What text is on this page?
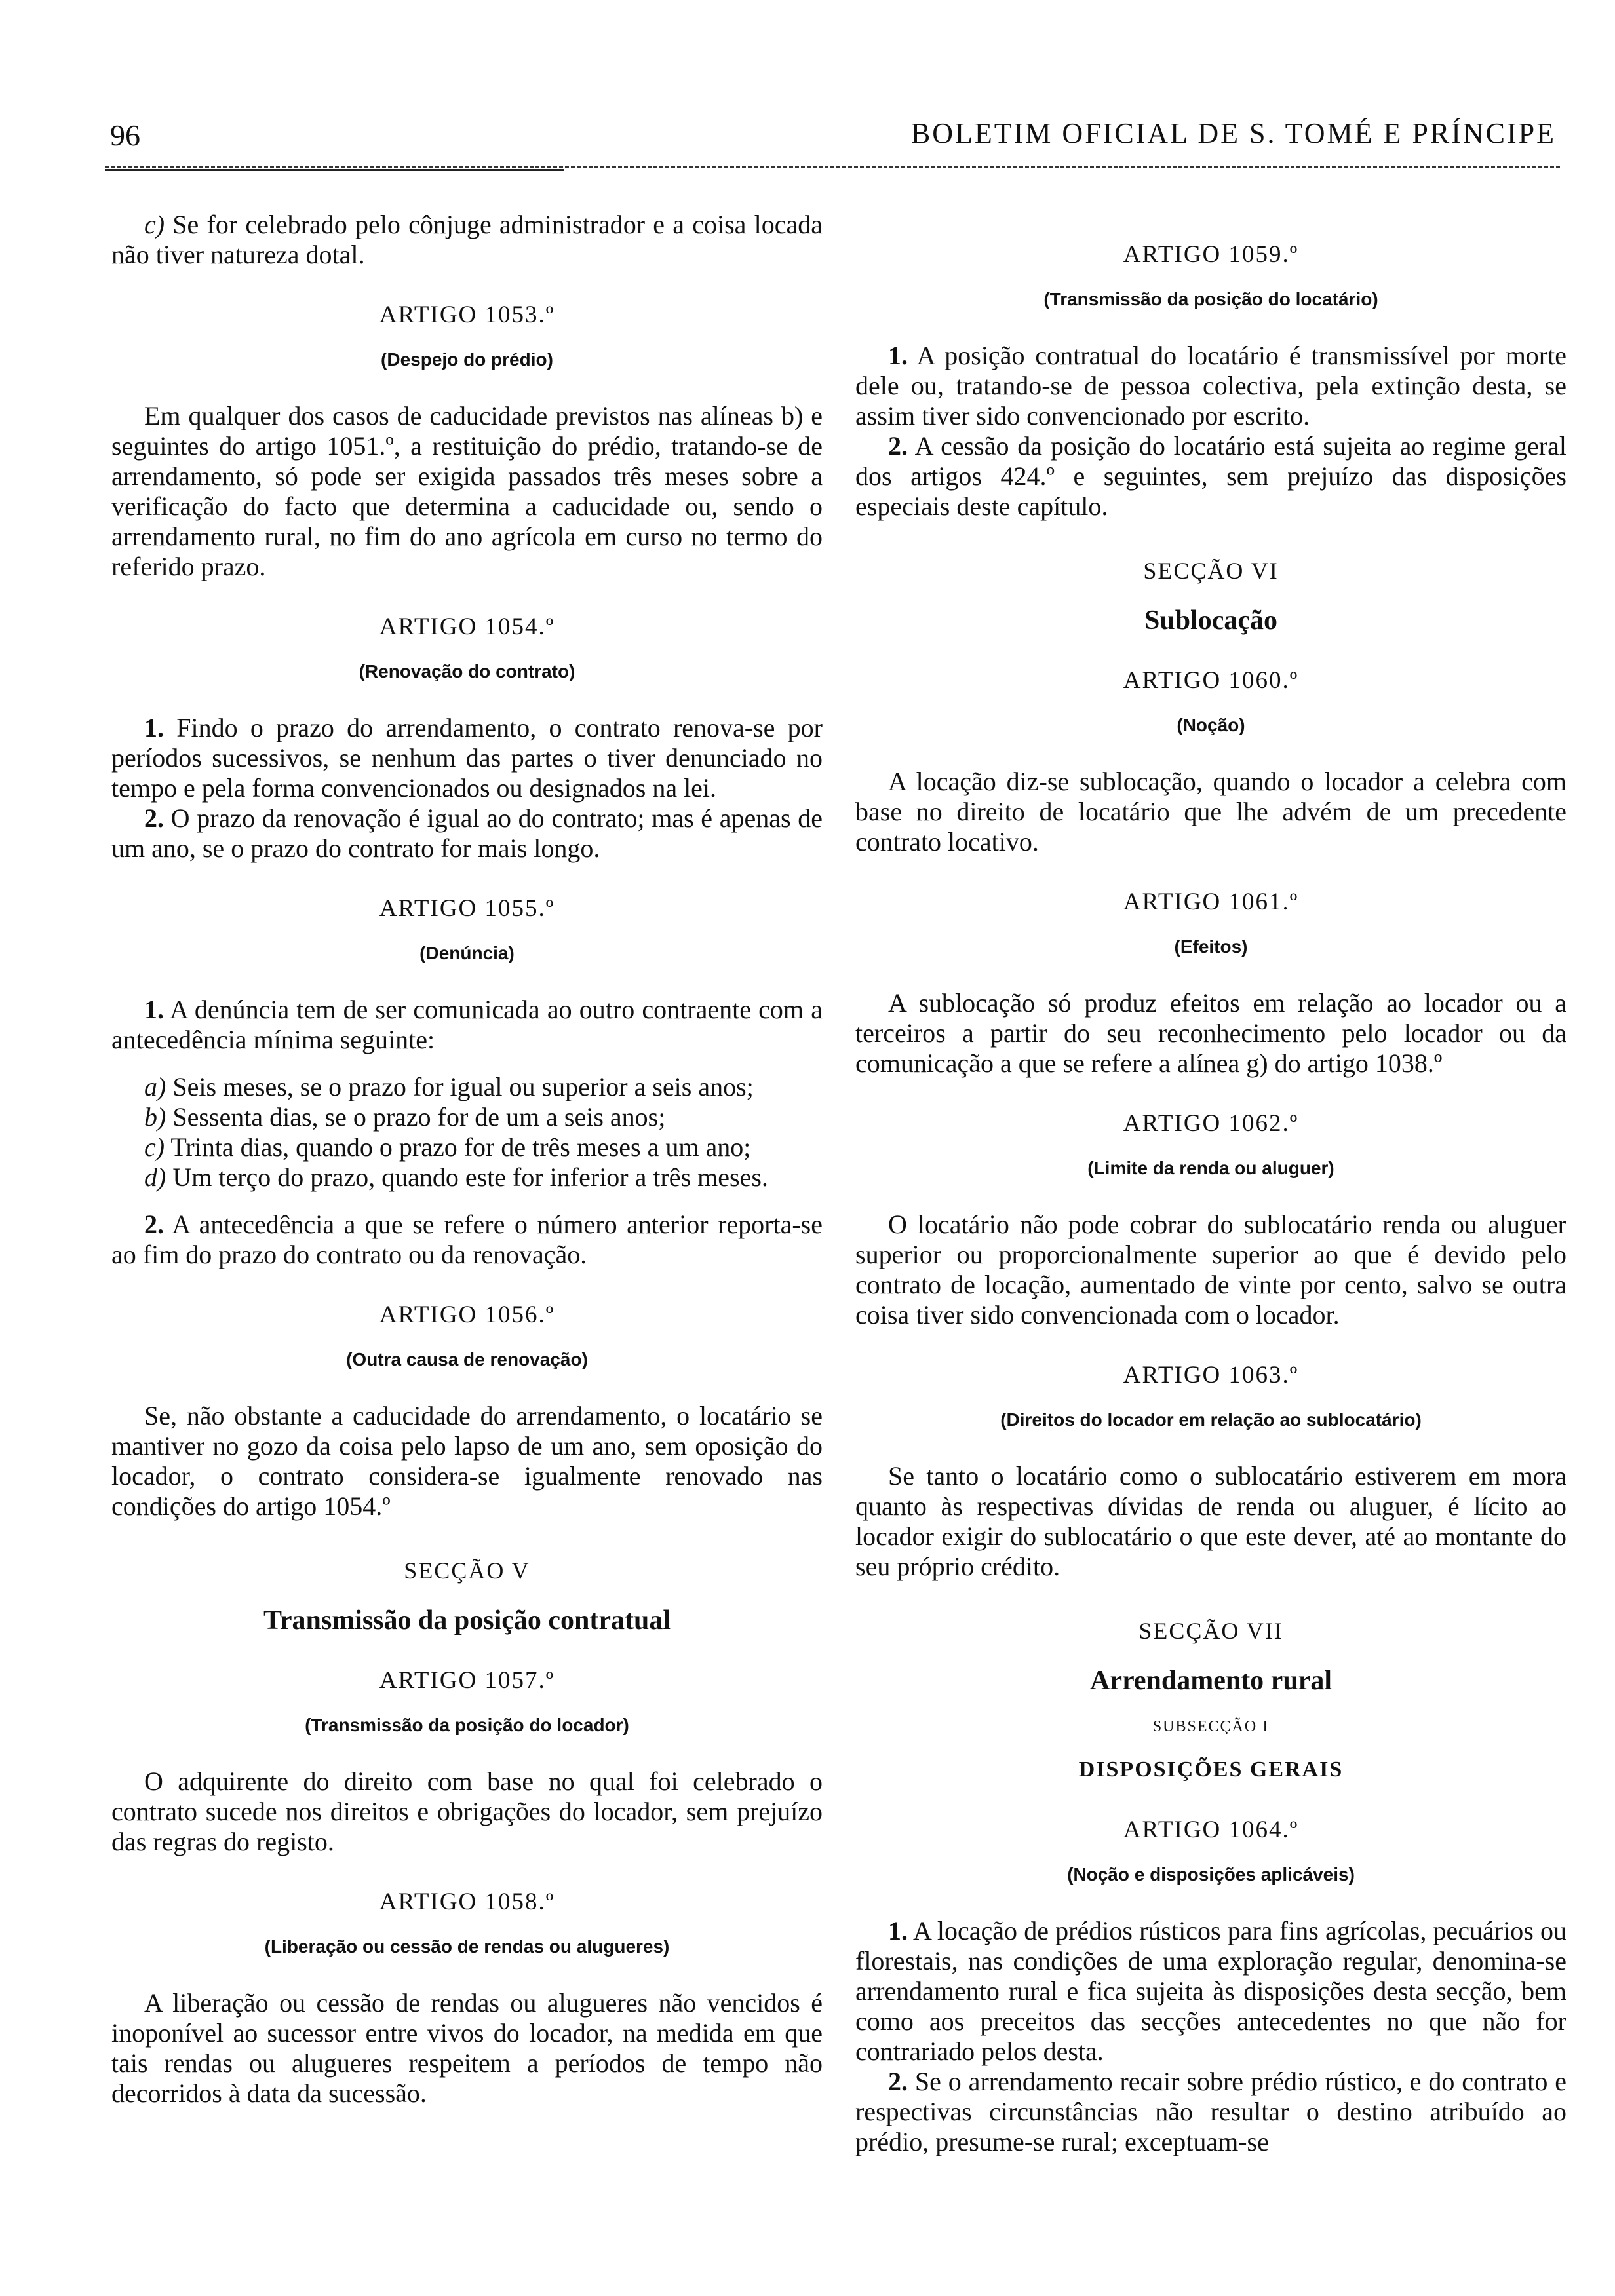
96	BOLETIM OFICIAL DE S. TOMÉ E PRÍNCIPE
c) Se for celebrado pelo cônjuge administrador e a coisa locada não tiver natureza dotal.
ARTIGO 1053.º
(Despejo do prédio)
Em qualquer dos casos de caducidade previstos nas alíneas b) e seguintes do artigo 1051.º, a restituição do prédio, tratando-se de arrendamento, só pode ser exigida passados três meses sobre a verificação do facto que determina a caducidade ou, sendo o arrendamento rural, no fim do ano agrícola em curso no termo do referido prazo.
ARTIGO 1054.º
(Renovação do contrato)
1. Findo o prazo do arrendamento, o contrato renova-se por períodos sucessivos, se nenhum das partes o tiver denunciado no tempo e pela forma convencionados ou designados na lei.
2. O prazo da renovação é igual ao do contrato; mas é apenas de um ano, se o prazo do contrato for mais longo.
ARTIGO 1055.º
(Denúncia)
1. A denúncia tem de ser comunicada ao outro contraente com a antecedência mínima seguinte:
a) Seis meses, se o prazo for igual ou superior a seis anos;
b) Sessenta dias, se o prazo for de um a seis anos;
c) Trinta dias, quando o prazo for de três meses a um ano;
d) Um terço do prazo, quando este for inferior a três meses.
2. A antecedência a que se refere o número anterior reporta-se ao fim do prazo do contrato ou da renovação.
ARTIGO 1056.º
(Outra causa de renovação)
Se, não obstante a caducidade do arrendamento, o locatário se mantiver no gozo da coisa pelo lapso de um ano, sem oposição do locador, o contrato considera-se igualmente renovado nas condições do artigo 1054.º
SECÇÃO V
Transmissão da posição contratual
ARTIGO 1057.º
(Transmissão da posição do locador)
O adquirente do direito com base no qual foi celebrado o contrato sucede nos direitos e obrigações do locador, sem prejuízo das regras do registo.
ARTIGO 1058.º
(Liberação ou cessão de rendas ou alugueres)
A liberação ou cessão de rendas ou alugueres não vencidos é inoponível ao sucessor entre vivos do locador, na medida em que tais rendas ou alugueres respeitem a períodos de tempo não decorridos à data da sucessão.
ARTIGO 1059.º
(Transmissão da posição do locatário)
1. A posição contratual do locatário é transmissível por morte dele ou, tratando-se de pessoa colectiva, pela extinção desta, se assim tiver sido convencionado por escrito.
2. A cessão da posição do locatário está sujeita ao regime geral dos artigos 424.º e seguintes, sem prejuízo das disposições especiais deste capítulo.
SECÇÃO VI
Sublocação
ARTIGO 1060.º
(Noção)
A locação diz-se sublocação, quando o locador a celebra com base no direito de locatário que lhe advém de um precedente contrato locativo.
ARTIGO 1061.º
(Efeitos)
A sublocação só produz efeitos em relação ao locador ou a terceiros a partir do seu reconhecimento pelo locador ou da comunicação a que se refere a alínea g) do artigo 1038.º
ARTIGO 1062.º
(Limite da renda ou aluguer)
O locatário não pode cobrar do sublocatário renda ou aluguer superior ou proporcionalmente superior ao que é devido pelo contrato de locação, aumentado de vinte por cento, salvo se outra coisa tiver sido convencionada com o locador.
ARTIGO 1063.º
(Direitos do locador em relação ao sublocatário)
Se tanto o locatário como o sublocatário estiverem em mora quanto às respectivas dívidas de renda ou aluguer, é lícito ao locador exigir do sublocatário o que este dever, até ao montante do seu próprio crédito.
SECÇÃO VII
Arrendamento rural
SUBSECÇÃO I
DISPOSIÇÕES GERAIS
ARTIGO 1064.º
(Noção e disposições aplicáveis)
1. A locação de prédios rústicos para fins agrícolas, pecuários ou florestais, nas condições de uma exploração regular, denomina-se arrendamento rural e fica sujeita às disposições desta secção, bem como aos preceitos das secções antecedentes no que não for contrariado pelos desta.
2. Se o arrendamento recair sobre prédio rústico, e do contrato e respectivas circunstâncias não resultar o destino atribuído ao prédio, presume-se rural; exceptuam-se
